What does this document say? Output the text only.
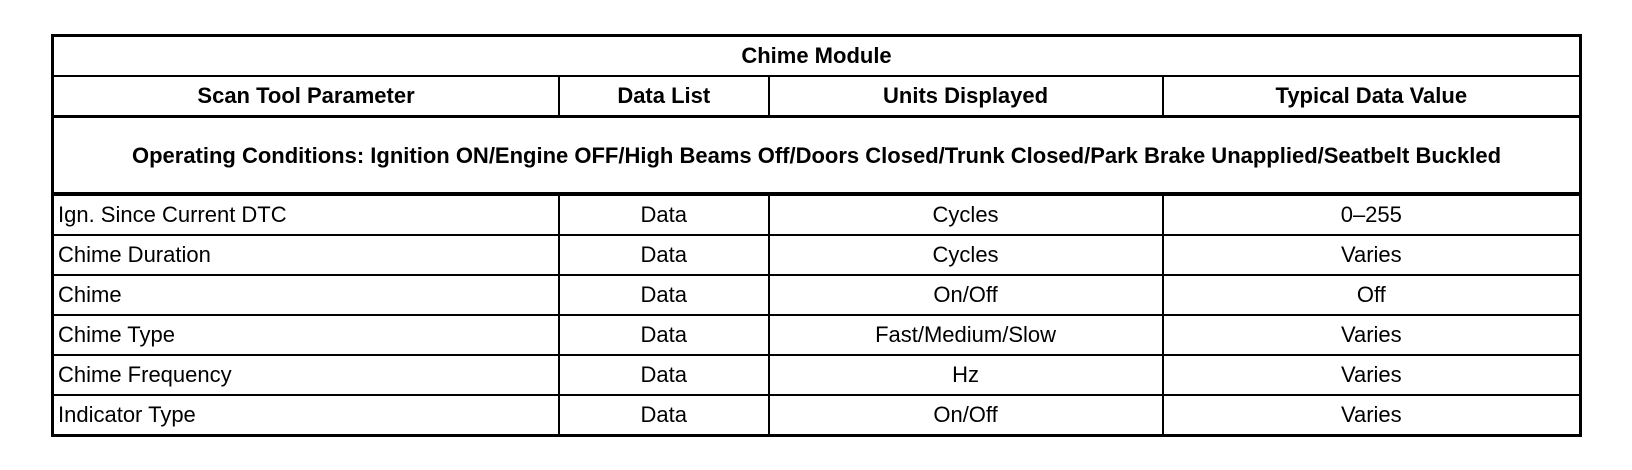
Chime Module			
Scan Tool Parameter	Data List	Units Displayed	Typical Data Value
Operating Conditions: Ignition ON/Engine OFF/High Beams Off/Doors Closed/Trunk Closed/Park Brake Unapplied/Seatbelt Buckled			
Ign. Since Current DTC	Data	Cycles	0–255
Chime Duration	Data	Cycles	Varies
Chime	Data	On/Off	Off
Chime Type	Data	Fast/Medium/Slow	Varies
Chime Frequency	Data	Hz	Varies
Indicator Type	Data	On/Off	Varies
